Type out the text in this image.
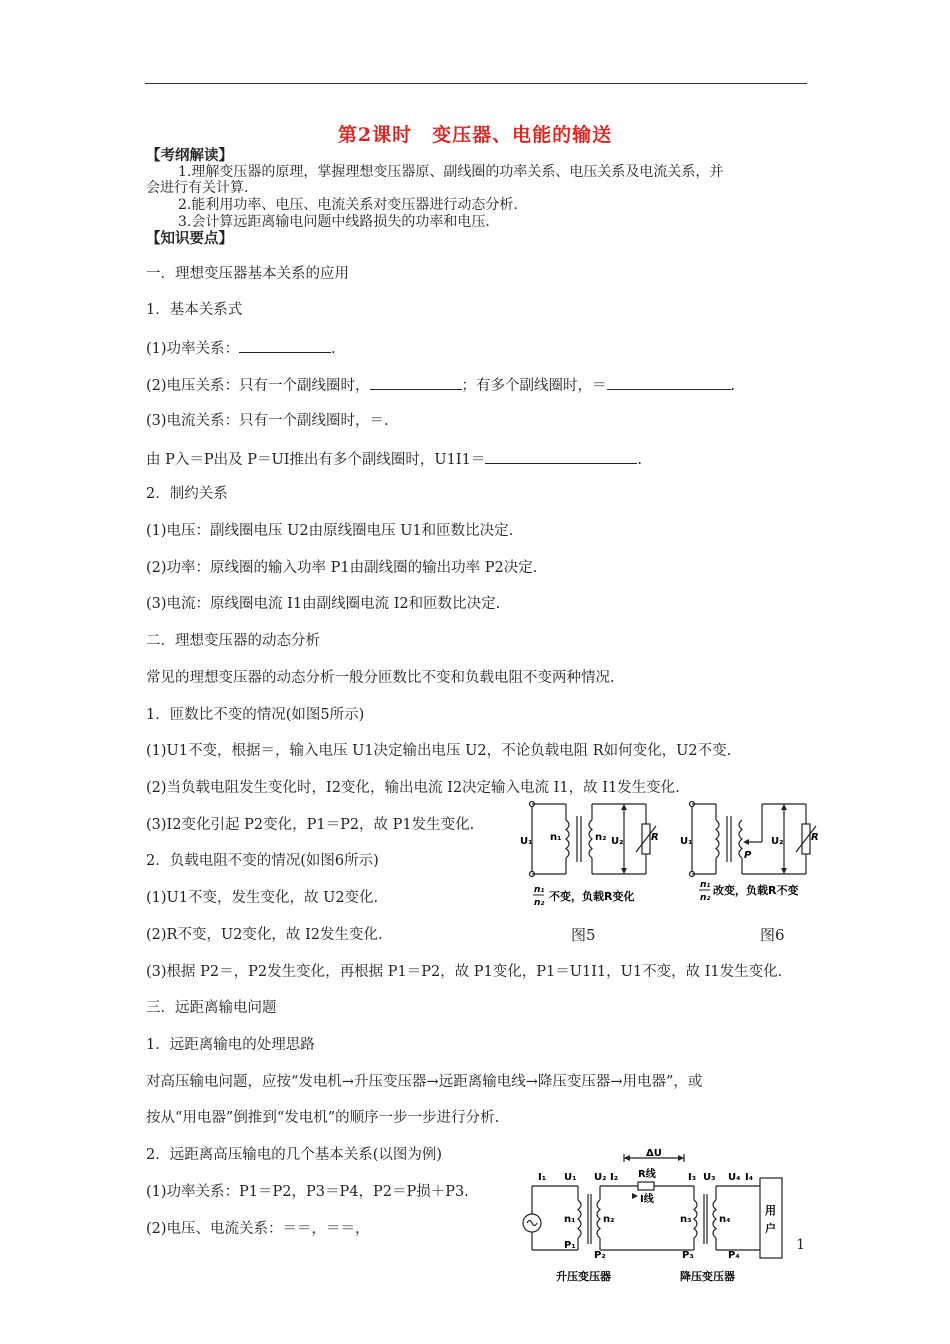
第2课时　变压器、电能的输送
【考纲解读】
1.理解变压器的原理，掌握理想变压器原、副线圈的功率关系、电压关系及电流关系，并
会进行有关计算.
2.能利用功率、电压、电流关系对变压器进行动态分析.
3.会计算远距离输电问题中线路损失的功率和电压.
【知识要点】
一．理想变压器基本关系的应用
1．基本关系式
(1)功率关系：	.
(2)电压关系：只有一个副线圈时，	；有多个副线圈时，＝	.
(3)电流关系：只有一个副线圈时，＝.
由 P入＝P出及 P＝UI推出有多个副线圈时，U1I1＝	.
2．制约关系
(1)电压：副线圈电压 U2由原线圈电压 U1和匝数比决定.
(2)功率：原线圈的输入功率 P1由副线圈的输出功率 P2决定.
(3)电流：原线圈电流 I1由副线圈电流 I2和匝数比决定.
二．理想变压器的动态分析
常见的理想变压器的动态分析一般分匝数比不变和负载电阻不变两种情况.
1．匝数比不变的情况(如图5所示)
(1)U1不变，根据＝，输入电压 U1决定输出电压 U2，不论负载电阻 R如何变化，U2不变.
(2)当负载电阻发生变化时，I2变化，输出电流 I2决定输入电流 I1，故 I1发生变化.
(3)I2变化引起 P2变化，P1＝P2，故 P1发生变化.
2．负载电阻不变的情况(如图6所示)
(1)U1不变，发生变化，故 U2变化.
(2)R不变，U2变化，故 I2发生变化.
(3)根据 P2＝，P2发生变化，再根据 P1＝P2，故 P1变化，P1＝U1I1，U1不变，故 I1发生变化.
三．远距离输电问题
1．远距离输电的处理思路
对高压输电问题，应按“发电机→升压变压器→远距离输电线→降压变压器→用电器”，或
按从“用电器”倒推到“发电机”的顺序一步一步进行分析.
2．远距离高压输电的几个基本关系(以图为例)
(1)功率关系：P1＝P2，P3＝P4，P2＝P损＋P3.
(2)电压、电流关系：＝＝，＝＝，
U₁ n₁	n₂ U₂	R
n₁
n₂ 不变，负载R变化
图5
U₁
P
U₂	R
n₁
n₂
改变，负载R不变
图6
ΔU
R线
I线
I₁ U₁ U₂ I₂	I₃ U₃ U₄ I₄
n₁	n₂	n₃	n₄
P₁
P₂	P₃	P₄
用
户
升压变压器	降压变压器
1
